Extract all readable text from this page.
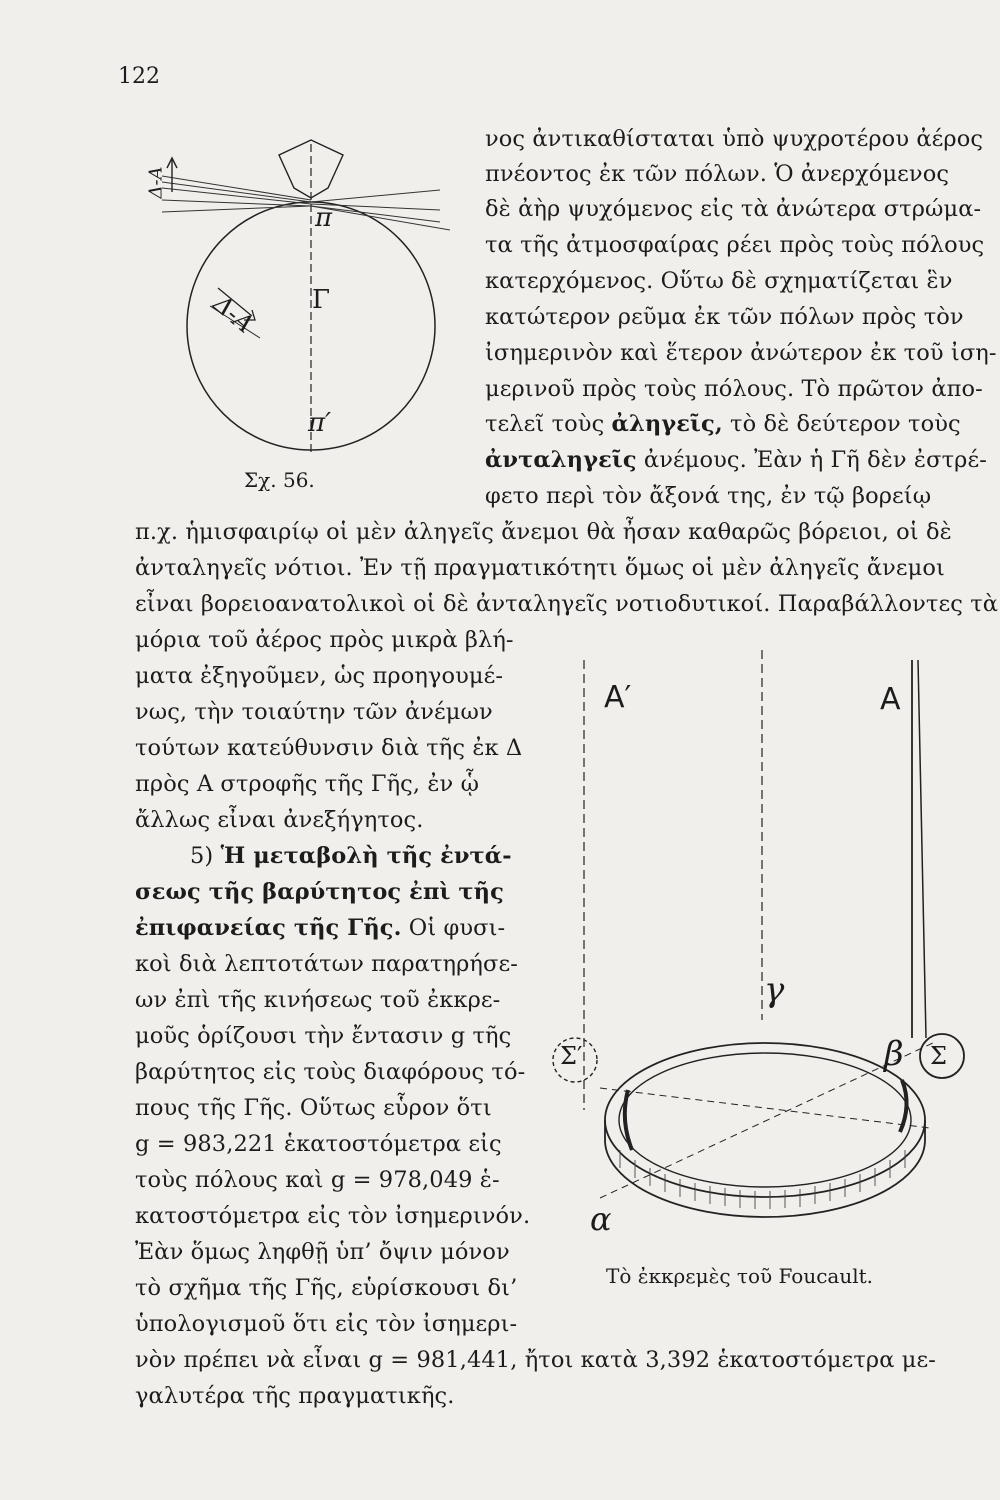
122
Δ-Α
π
Γ
Δ-Α
π′
Σχ. 56.
νος ἀντικαθίσταται ὑπὸ ψυχροτέρου ἀέρος
πνέοντος ἐκ τῶν πόλων. Ὁ ἀνερχόμενος
δὲ ἀὴρ ψυχόμενος εἰς τὰ ἀνώτερα στρώμα-
τα τῆς ἀτμοσφαίρας ρέει πρὸς τοὺς πόλους
κατερχόμενος. Οὕτω δὲ σχηματίζεται ἓν
κατώτερον ρεῦμα ἐκ τῶν πόλων πρὸς τὸν
ἰσημερινὸν καὶ ἕτερον ἀνώτερον ἐκ τοῦ ἰση-
μερινοῦ πρὸς τοὺς πόλους. Τὸ πρῶτον ἀπο-
τελεῖ τοὺς ἀληγεῖς, τὸ δὲ δεύτερον τοὺς
ἀνταληγεῖς ἀνέμους. Ἐὰν ἡ Γῆ δὲν ἐστρέ-
φετο περὶ τὸν ἄξονά της, ἐν τῷ βορείῳ
π.χ. ἡμισφαιρίῳ οἱ μὲν ἀληγεῖς ἄνεμοι θὰ ἦσαν καθαρῶς βόρειοι, οἱ δὲ
ἀνταληγεῖς νότιοι. Ἐν τῇ πραγματικότητι ὅμως οἱ μὲν ἀληγεῖς ἄνεμοι
εἶναι βορειοανατολικοὶ οἱ δὲ ἀνταληγεῖς νοτιοδυτικοί. Παραβάλλοντες τὰ
μόρια τοῦ ἀέρος πρὸς μικρὰ βλή-
ματα ἐξηγοῦμεν, ὡς προηγουμέ-
νως, τὴν τοιαύτην τῶν ἀνέμων
τούτων κατεύθυνσιν διὰ τῆς ἐκ Δ
πρὸς Α στροφῆς τῆς Γῆς, ἐν ᾧ
ἄλλως εἶναι ἀνεξήγητος.
5) Ἡ μεταβολὴ τῆς ἐντά-
σεως τῆς βαρύτητος ἐπὶ τῆς
ἐπιφανείας τῆς Γῆς. Οἱ φυσι-
κοὶ διὰ λεπτοτάτων παρατηρήσε-
ων ἐπὶ τῆς κινήσεως τοῦ ἐκκρε-
μοῦς ὁρίζουσι τὴν ἔντασιν g τῆς
βαρύτητος εἰς τοὺς διαφόρους τό-
πους τῆς Γῆς. Οὕτως εὗρον ὅτι
g = 983,221 ἑκατοστόμετρα εἰς
τοὺς πόλους καὶ g = 978,049 ἑ-
κατοστόμετρα εἰς τὸν ἰσημερινόν.
Ἐὰν ὅμως ληφθῇ ὑπ’ ὄψιν μόνον
τὸ σχῆμα τῆς Γῆς, εὑρίσκουσι δι’
ὑπολογισμοῦ ὅτι εἰς τὸν ἰσημερι-
νὸν πρέπει νὰ εἶναι g = 981,441, ἤτοι κατὰ 3,392 ἑκατοστόμετρα με-
γαλυτέρα τῆς πραγματικῆς.
Α′	Α
γ
Σ′	β Σ
α
Τὸ ἐκκρεμὲς τοῦ Foucault.
